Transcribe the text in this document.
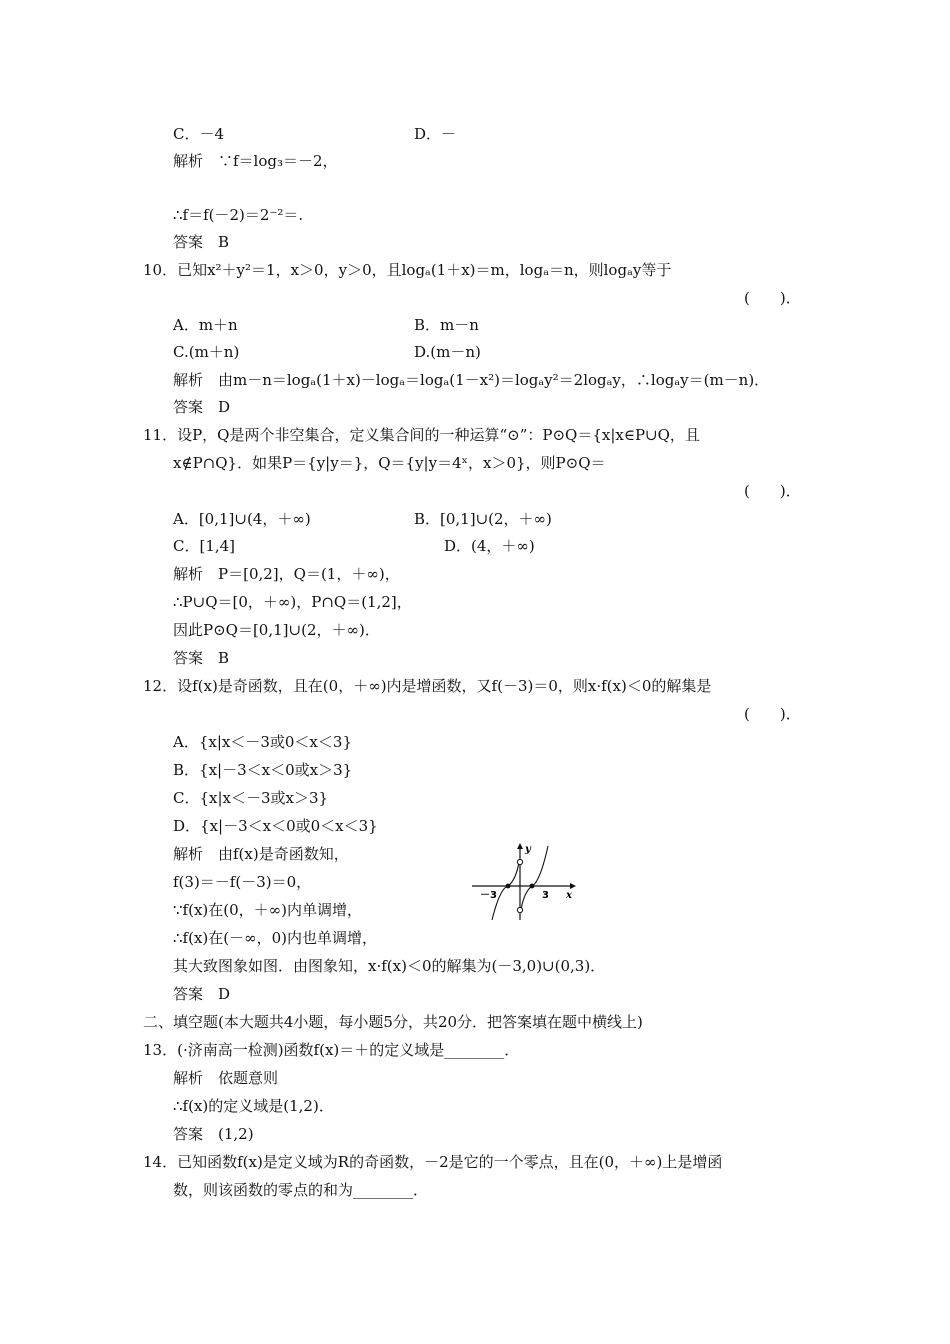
C．－4	D．－
解析　∵f＝log₃＝－2，
∴f＝f(－2)＝2⁻²＝.
答案　B
10．已知x²＋y²＝1，x＞0，y＞0，且logₐ(1＋x)＝m，logₐ＝n，则logₐy等于
A．m＋n	B．m－n
C.(m＋n)	D.(m－n)
解析　由m－n＝logₐ(1＋x)－logₐ＝logₐ(1－x²)＝logₐy²＝2logₐy，∴logₐy＝(m－n)．
答案　D
11．设P，Q是两个非空集合，定义集合间的一种运算“⊙”：P⊙Q＝{x|x∈P∪Q，且
x∉P∩Q}．如果P＝{y|y＝}，Q＝{y|y＝4ˣ，x＞0}，则P⊙Q＝
A．[0,1]∪(4，＋∞)	B．[0,1]∪(2，＋∞)
C．[1,4]	D．(4，＋∞)
解析　P＝[0,2]，Q＝(1，＋∞)，
∴P∪Q＝[0，＋∞)，P∩Q＝(1,2]，
因此P⊙Q＝[0,1]∪(2，＋∞)．
答案　B
12．设f(x)是奇函数，且在(0，＋∞)内是增函数，又f(－3)＝0，则x·f(x)＜0的解集是
A．{x|x＜－3或0＜x＜3}
B．{x|－3＜x＜0或x＞3}
C．{x|x＜－3或x＞3}
D．{x|－3＜x＜0或0＜x＜3}
解析　由f(x)是奇函数知，
f(3)＝－f(－3)＝0，
∵f(x)在(0，＋∞)内单调增，
∴f(x)在(－∞，0)内也单调增，
其大致图象如图．由图象知，x·f(x)＜0的解集为(－3,0)∪(0,3)．
答案　D
二、填空题(本大题共4小题，每小题5分，共20分．把答案填在题中横线上)
13．(·济南高一检测)函数f(x)＝＋的定义域是________．
解析　依题意则
∴f(x)的定义域是(1,2)．
答案　(1,2)
14．已知函数f(x)是定义域为R的奇函数，－2是它的一个零点，且在(0，＋∞)上是增函
数，则该函数的零点的和为________．
(　　)．
(　　)．
(　　)．
y
x
－3	3
